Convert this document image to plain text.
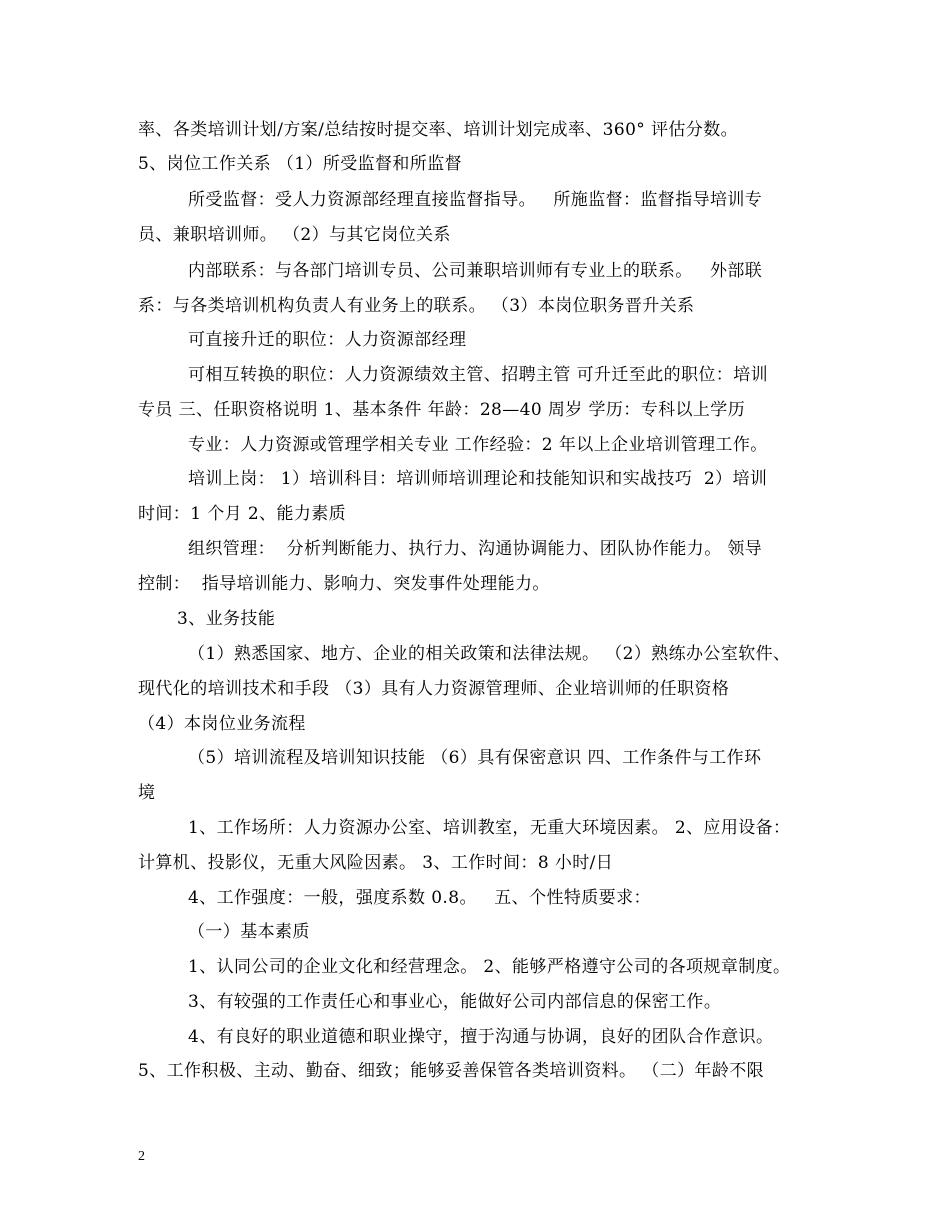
率、各类培训计划/方案/总结按时提交率、培训计划完成率、360° 评估分数。
5、岗位工作关系 （1）所受监督和所监督
所受监督：受人力资源部经理直接监督指导。   所施监督：监督指导培训专
员、兼职培训师。 （2）与其它岗位关系
内部联系：与各部门培训专员、公司兼职培训师有专业上的联系。   外部联
系：与各类培训机构负责人有业务上的联系。 （3）本岗位职务晋升关系
可直接升迁的职位：人力资源部经理
可相互转换的职位：人力资源绩效主管、招聘主管 可升迁至此的职位：培训
专员 三、任职资格说明 1、基本条件 年龄：28—40 周岁 学历：专科以上学历
专业：人力资源或管理学相关专业 工作经验：2 年以上企业培训管理工作。
培训上岗： 1）培训科目：培训师培训理论和技能知识和实战技巧  2）培训
时间：1 个月 2、能力素质
组织管理：  分析判断能力、执行力、沟通协调能力、团队协作能力。 领导
控制：  指导培训能力、影响力、突发事件处理能力。
3、业务技能
（1）熟悉国家、地方、企业的相关政策和法律法规。 （2）熟练办公室软件、
现代化的培训技术和手段 （3）具有人力资源管理师、企业培训师的任职资格
（4）本岗位业务流程
（5）培训流程及培训知识技能 （6）具有保密意识 四、工作条件与工作环
境
1、工作场所：人力资源办公室、培训教室，无重大环境因素。 2、应用设备：
计算机、投影仪，无重大风险因素。 3、工作时间：8 小时/日
4、工作强度：一般，强度系数 0.8。   五、个性特质要求：
（一）基本素质
1、认同公司的企业文化和经营理念。 2、能够严格遵守公司的各项规章制度。
3、有较强的工作责任心和事业心，能做好公司内部信息的保密工作。
4、有良好的职业道德和职业操守，擅于沟通与协调，良好的团队合作意识。
5、工作积极、主动、勤奋、细致；能够妥善保管各类培训资料。 （二）年龄不限
2
